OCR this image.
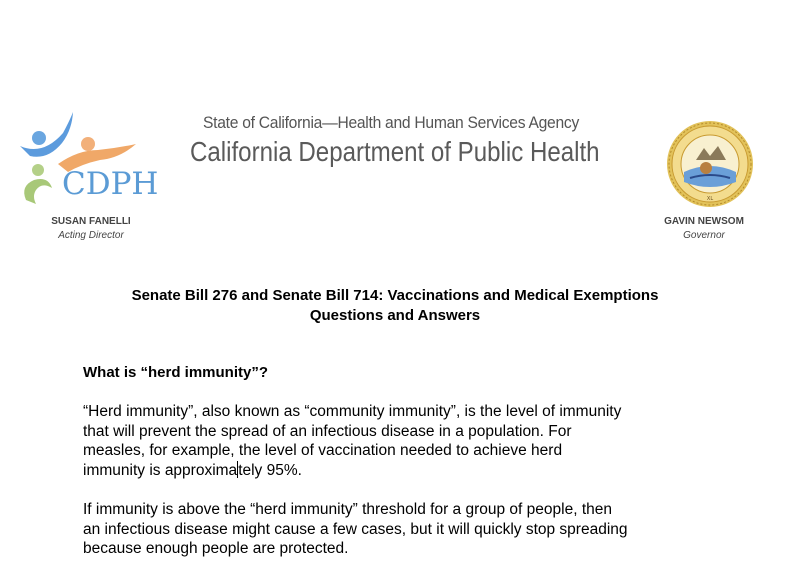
CDPH
State of California—Health and Human Services Agency
California Department of Public Health
XL
SUSAN FANELLI
Acting Director
GAVIN NEWSOM
Governor
Senate Bill 276 and Senate Bill 714: Vaccinations and Medical Exemptions
Questions and Answers
What is “herd immunity”?
“Herd immunity”, also known as “community immunity”, is the level of immunity
that will prevent the spread of an infectious disease in a population. For
measles, for example, the level of vaccination needed to achieve herd
immunity is approximately 95%.
If immunity is above the “herd immunity” threshold for a group of people, then
an infectious disease might cause a few cases, but it will quickly stop spreading
because enough people are protected.
